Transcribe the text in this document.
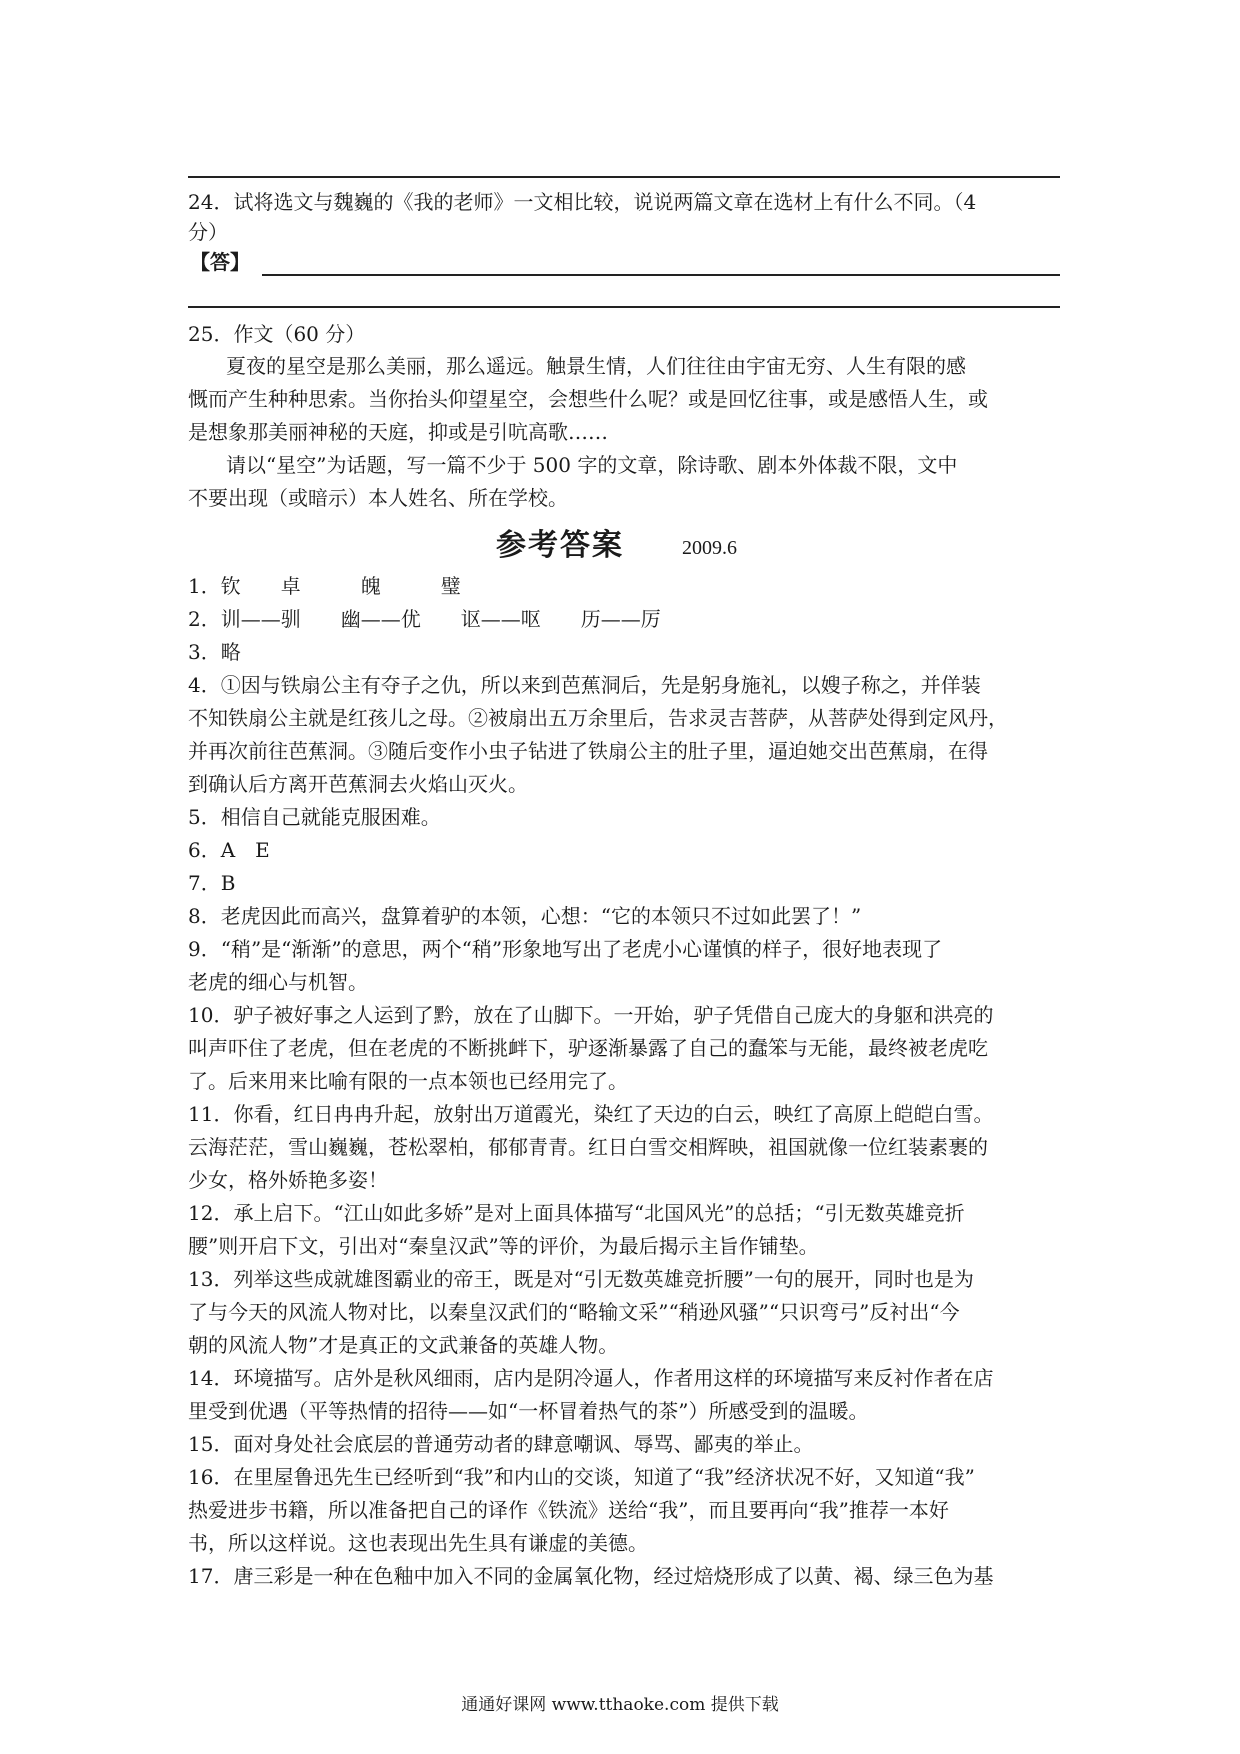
24．试将选文与魏巍的《我的老师》一文相比较，说说两篇文章在选材上有什么不同。（4
分）
【答】
25．作文（60 分）
夏夜的星空是那么美丽，那么遥远。触景生情，人们往往由宇宙无穷、人生有限的感
慨而产生种种思索。当你抬头仰望星空，会想些什么呢？或是回忆往事，或是感悟人生，或
是想象那美丽神秘的天庭，抑或是引吭高歌……
请以“星空”为话题，写一篇不少于 500 字的文章，除诗歌、剧本外体裁不限，文中
不要出现（或暗示）本人姓名、所在学校。
参考答案	2009.6
1．钦　　卓　　　魄　　　璧
2．训——驯　　幽——优　　讴——呕　　历——厉
3．略
4．①因与铁扇公主有夺子之仇，所以来到芭蕉洞后，先是躬身施礼，以嫂子称之，并佯装
不知铁扇公主就是红孩儿之母。②被扇出五万余里后，告求灵吉菩萨，从菩萨处得到定风丹，
并再次前往芭蕉洞。③随后变作小虫子钻进了铁扇公主的肚子里，逼迫她交出芭蕉扇，在得
到确认后方离开芭蕉洞去火焰山灭火。
5．相信自己就能克服困难。
6．A　E
7．B
8．老虎因此而高兴，盘算着驴的本领，心想：“它的本领只不过如此罢了！”
9．“稍”是“渐渐”的意思，两个“稍”形象地写出了老虎小心谨慎的样子，很好地表现了
老虎的细心与机智。
10．驴子被好事之人运到了黔，放在了山脚下。一开始，驴子凭借自己庞大的身躯和洪亮的
叫声吓住了老虎，但在老虎的不断挑衅下，驴逐渐暴露了自己的蠢笨与无能，最终被老虎吃
了。后来用来比喻有限的一点本领也已经用完了。
11．你看，红日冉冉升起，放射出万道霞光，染红了天边的白云，映红了高原上皑皑白雪。
云海茫茫，雪山巍巍，苍松翠柏，郁郁青青。红日白雪交相辉映，祖国就像一位红装素裹的
少女，格外娇艳多姿！
12．承上启下。“江山如此多娇”是对上面具体描写“北国风光”的总括；“引无数英雄竞折
腰”则开启下文，引出对“秦皇汉武”等的评价，为最后揭示主旨作铺垫。
13．列举这些成就雄图霸业的帝王，既是对“引无数英雄竞折腰”一句的展开，同时也是为
了与今天的风流人物对比，以秦皇汉武们的“略输文采”“稍逊风骚”“只识弯弓”反衬出“今
朝的风流人物”才是真正的文武兼备的英雄人物。
14．环境描写。店外是秋风细雨，店内是阴冷逼人，作者用这样的环境描写来反衬作者在店
里受到优遇（平等热情的招待——如“一杯冒着热气的茶”）所感受到的温暖。
15．面对身处社会底层的普通劳动者的肆意嘲讽、辱骂、鄙夷的举止。
16．在里屋鲁迅先生已经听到“我”和内山的交谈，知道了“我”经济状况不好，又知道“我”
热爱进步书籍，所以准备把自己的译作《铁流》送给“我”，而且要再向“我”推荐一本好
书，所以这样说。这也表现出先生具有谦虚的美德。
17．唐三彩是一种在色釉中加入不同的金属氧化物，经过焙烧形成了以黄、褐、绿三色为基
通通好课网 www.tthaoke.com 提供下载
